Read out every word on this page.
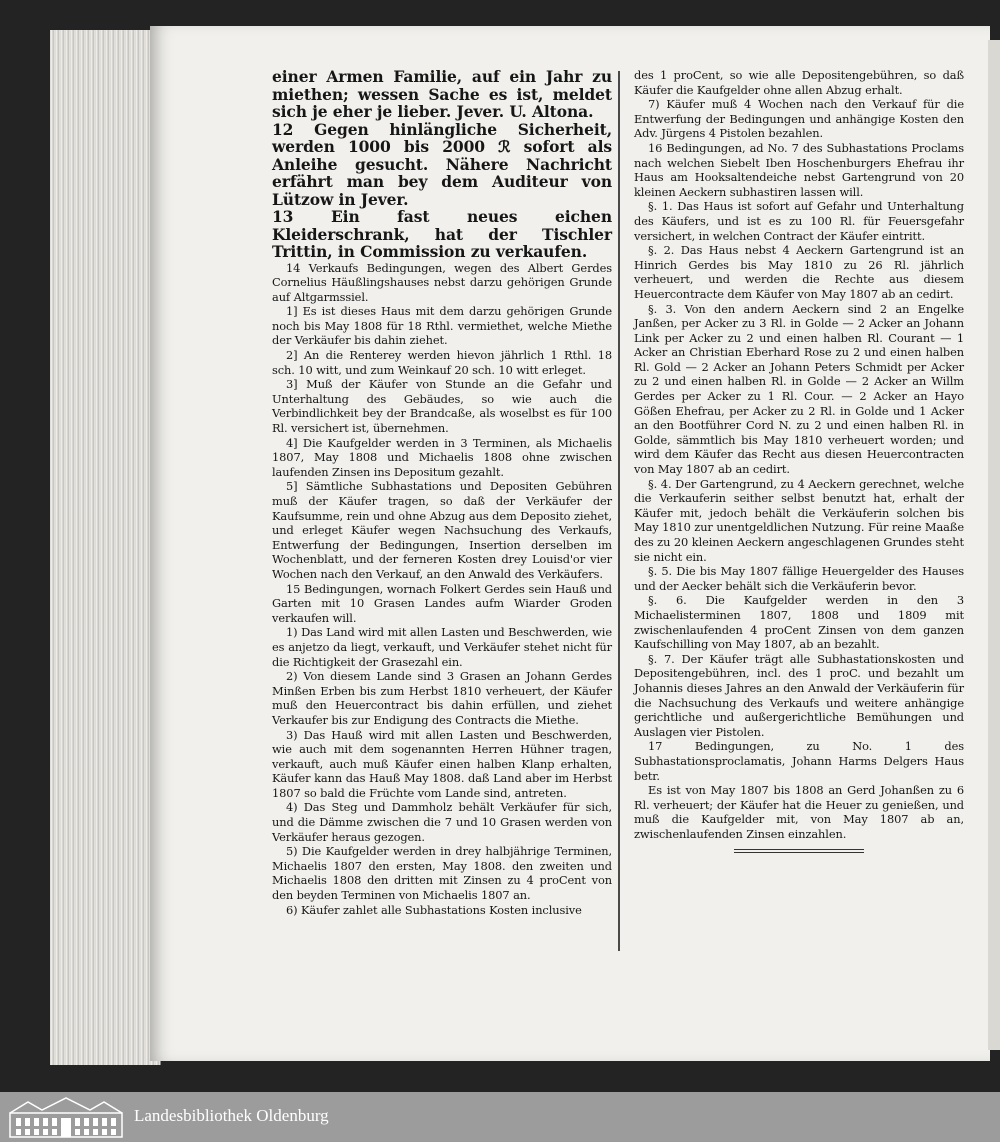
einer Armen Familie, auf ein Jahr zu miethen; wessen Sache es ist, meldet sich je eher je lieber. Jever. U. Altona.

12 Gegen hinlängliche Sicherheit, werden 1000 bis 2000 ℛ sofort als Anleihe gesucht. Nähere Nachricht erfährt man bey dem Auditeur von Lützow in Jever.

13 Ein fast neues eichen Kleiderschrank, hat der Tischler Trittin, in Commission zu verkaufen.

14 Verkaufs Bedingungen, wegen des Albert Gerdes Cornelius Häußlingshauses nebst darzu gehörigen Grunde auf Altgarmssiel.

1] Es ist dieses Haus mit dem darzu gehörigen Grunde noch bis May 1808 für 18 Rthl. vermiethet, welche Miethe der Verkäufer bis dahin ziehet.

2] An die Renterey werden hievon jährlich 1 Rthl. 18 sch. 10 witt, und zum Weinkauf 20 sch. 10 witt erleget.

3] Muß der Käufer von Stunde an die Gefahr und Unterhaltung des Gebäudes, so wie auch die Verbindlichkeit bey der Brandcaße, als woselbst es für 100 Rl. versichert ist, übernehmen.

4] Die Kaufgelder werden in 3 Terminen, als Michaelis 1807, May 1808 und Michaelis 1808 ohne zwischen laufenden Zinsen ins Depositum gezahlt.

5] Sämtliche Subhastations und Depositen Gebühren muß der Käufer tragen, so daß der Verkäufer der Kaufsumme, rein und ohne Abzug aus dem Deposito ziehet, und erleget Käufer wegen Nachsuchung des Verkaufs, Entwerfung der Bedingungen, Insertion derselben im Wochenblatt, und der ferneren Kosten drey Louisd'or vier Wochen nach den Verkauf, an den Anwald des Verkäufers.

15 Bedingungen, wornach Folkert Gerdes sein Hauß und Garten mit 10 Grasen Landes aufm Wiarder Groden verkaufen will.

1) Das Land wird mit allen Lasten und Beschwerden, wie es anjetzo da liegt, verkauft, und Verkäufer stehet nicht für die Richtigkeit der Grasezahl ein.

2) Von diesem Lande sind 3 Grasen an Johann Gerdes Minßen Erben bis zum Herbst 1810 verheuert, der Käufer muß den Heuercontract bis dahin erfüllen, und ziehet Verkaufer bis zur Endigung des Contracts die Miethe.

3) Das Hauß wird mit allen Lasten und Beschwerden, wie auch mit dem sogenannten Herren Hühner tragen, verkauft, auch muß Käufer einen halben Klanp erhalten, Käufer kann das Hauß May 1808. daß Land aber im Herbst 1807 so bald die Früchte vom Lande sind, antreten.

4) Das Steg und Dammholz behält Verkäufer für sich, und die Dämme zwischen die 7 und 10 Grasen werden von Verkäufer heraus gezogen.

5) Die Kaufgelder werden in drey halbjährige Terminen, Michaelis 1807 den ersten, May 1808. den zweiten und Michaelis 1808 den dritten mit Zinsen zu 4 proCent von den beyden Terminen von Michaelis 1807 an.

6) Käufer zahlet alle Subhastations Kosten inclusive

des 1 proCent, so wie alle Depositengebühren, so daß Käufer die Kaufgelder ohne allen Abzug erhalt.

7) Käufer muß 4 Wochen nach den Verkauf für die Entwerfung der Bedingungen und anhängige Kosten den Adv. Jürgens 4 Pistolen bezahlen.

16 Bedingungen, ad No. 7 des Subhastations Proclams nach welchen Siebelt Iben Hoschenburgers Ehefrau ihr Haus am Hooksaltendeiche nebst Gartengrund von 20 kleinen Aeckern subhastiren lassen will.

§. 1. Das Haus ist sofort auf Gefahr und Unterhaltung des Käufers, und ist es zu 100 Rl. für Feuersgefahr versichert, in welchen Contract der Käufer eintritt.

§. 2. Das Haus nebst 4 Aeckern Gartengrund ist an Hinrich Gerdes bis May 1810 zu 26 Rl. jährlich verheuert, und werden die Rechte aus diesem Heuercontracte dem Käufer von May 1807 ab an cedirt.

§. 3. Von den andern Aeckern sind 2 an Engelke Janßen, per Acker zu 3 Rl. in Golde — 2 Acker an Johann Link per Acker zu 2 und einen halben Rl. Courant — 1 Acker an Christian Eberhard Rose zu 2 und einen halben Rl. Gold — 2 Acker an Johann Peters Schmidt per Acker zu 2 und einen halben Rl. in Golde — 2 Acker an Willm Gerdes per Acker zu 1 Rl. Cour. — 2 Acker an Hayo Gößen Ehefrau, per Acker zu 2 Rl. in Golde und 1 Acker an den Bootführer Cord N. zu 2 und einen halben Rl. in Golde, sämmtlich bis May 1810 verheuert worden; und wird dem Käufer das Recht aus diesen Heuercontracten von May 1807 ab an cedirt.

§. 4. Der Gartengrund, zu 4 Aeckern gerechnet, welche die Verkauferin seither selbst benutzt hat, erhalt der Käufer mit, jedoch behält die Verkäuferin solchen bis May 1810 zur unentgeldlichen Nutzung. Für reine Maaße des zu 20 kleinen Aeckern angeschlagenen Grundes steht sie nicht ein.

§. 5. Die bis May 1807 fällige Heuergelder des Hauses und der Aecker behält sich die Verkäuferin bevor.

§. 6. Die Kaufgelder werden in den 3 Michaelisterminen 1807, 1808 und 1809 mit zwischenlaufenden 4 proCent Zinsen von dem ganzen Kaufschilling von May 1807, ab an bezahlt.

§. 7. Der Käufer trägt alle Subhastationskosten und Depositengebühren, incl. des 1 proC. und bezahlt um Johannis dieses Jahres an den Anwald der Verkäuferin für die Nachsuchung des Verkaufs und weitere anhängige gerichtliche und außergerichtliche Bemühungen und Auslagen vier Pistolen.

17 Bedingungen, zu No. 1 des Subhastationsproclamatis, Johann Harms Delgers Haus betr.

Es ist von May 1807 bis 1808 an Gerd Johanßen zu 6 Rl. verheuert; der Käufer hat die Heuer zu genießen, und muß die Kaufgelder mit, von May 1807 ab an, zwischenlaufenden Zinsen einzahlen.

Landesbibliothek Oldenburg
